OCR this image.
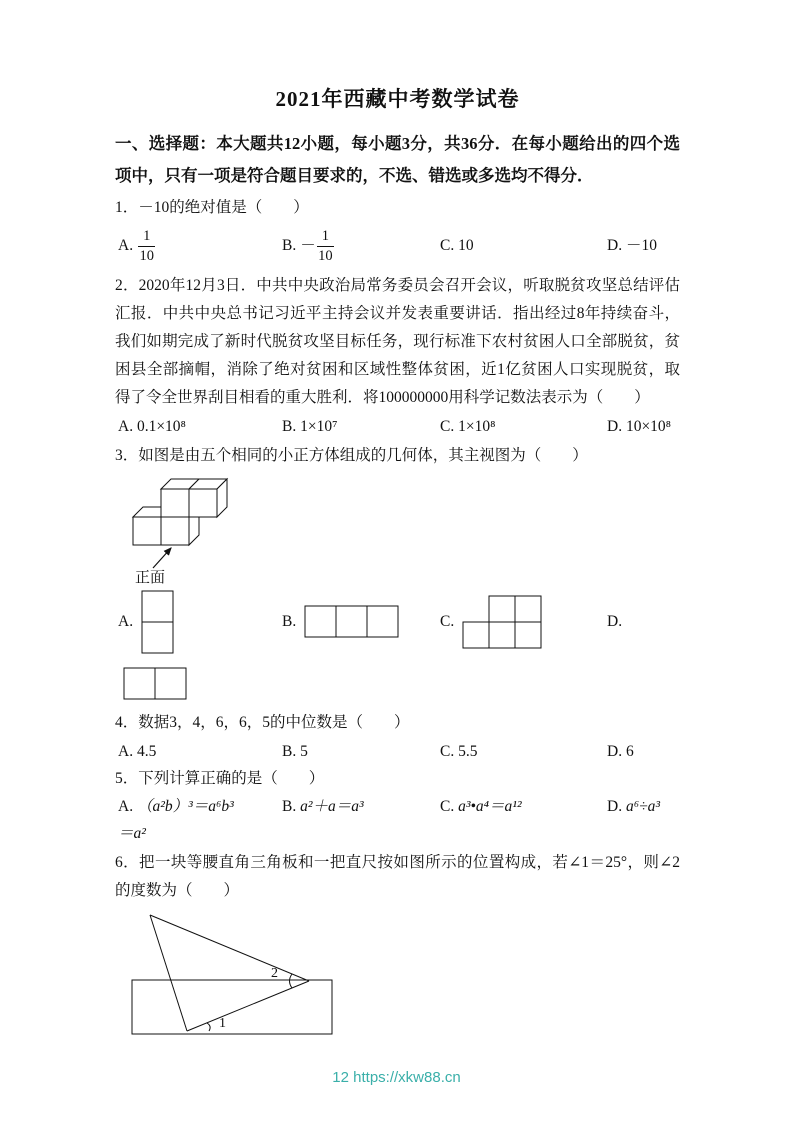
2021年西藏中考数学试卷

一、选择题：本大题共12小题，每小题3分，共36分．在每小题给出的四个选项中，只有一项是符合题目要求的，不选、错选或多选均不得分．

1．－10的绝对值是（　　）

A. $\frac{1}{10}$	B. － $\frac{1}{10}$	C. 10	D. －10

2．2020年12月3日．中共中央政治局常务委员会召开会议，听取脱贫攻坚总结评估汇报．中共中央总书记习近平主持会议并发表重要讲话．指出经过8年持续奋斗，我们如期完成了新时代脱贫攻坚目标任务，现行标准下农村贫困人口全部脱贫，贫困县全部摘帽，消除了绝对贫困和区域性整体贫困，近1亿贫困人口实现脱贫，取得了令全世界刮目相看的重大胜利．将100000000用科学记数法表示为（　　）

A. 0.1×10⁸	B. 1×10⁷	C. 1×10⁸	D. 10×10⁸

3．如图是由五个相同的小正方体组成的几何体，其主视图为（　　）

正面
A.	B.	C.	D.

4．数据3，4，6，6，5的中位数是（　　）

A. 4.5	B. 5	C. 5.5	D. 6

5．下列计算正确的是（　　）

A. （a²b）³＝a⁶b³	B. a²＋a＝a³	C. a³•a⁴＝a¹²	D. a⁶÷a³
＝a²

6．把一块等腰直角三角板和一把直尺按如图所示的位置构成，若∠1＝25°，则∠2 的度数为（　　）

2
1
12 https://xkw88.cn
